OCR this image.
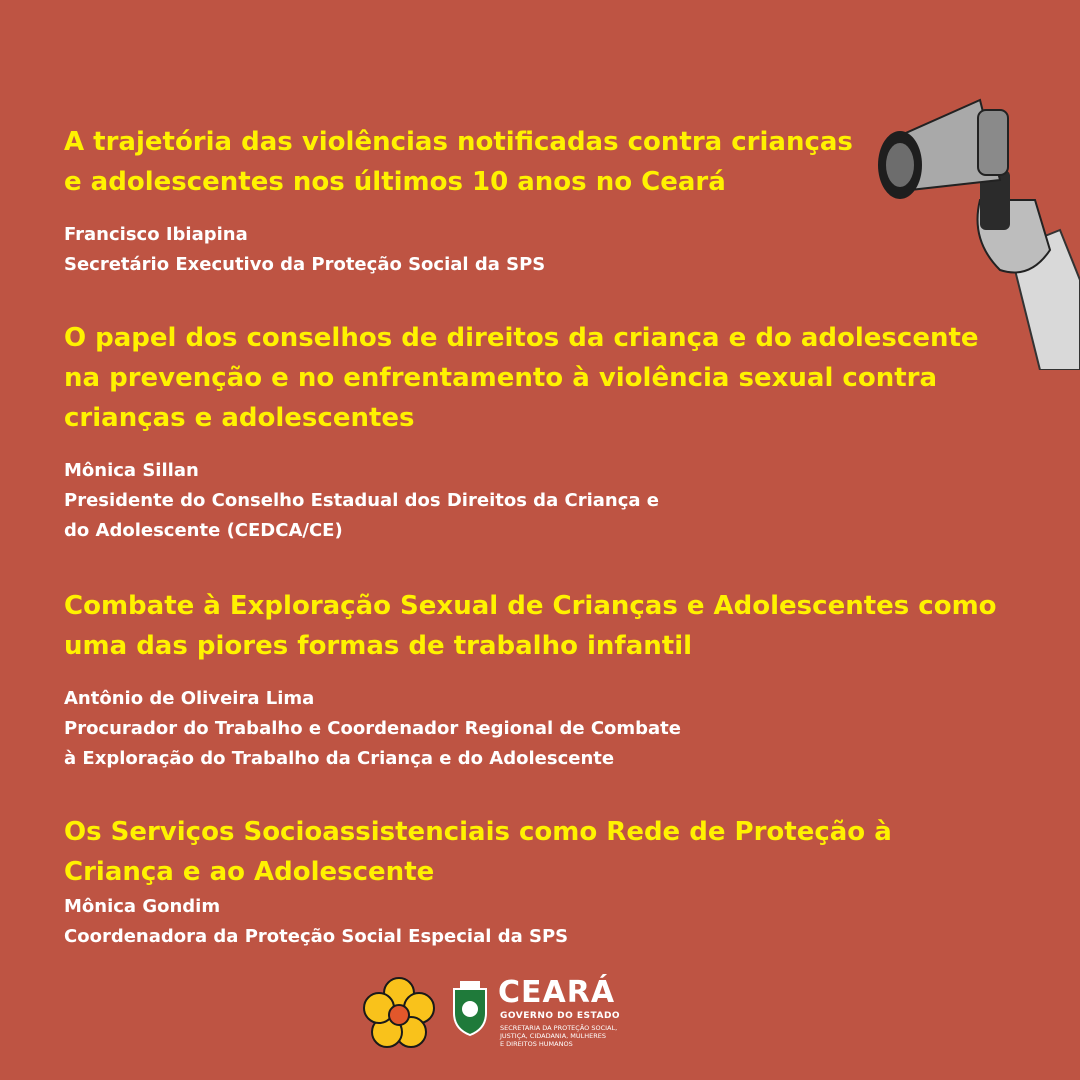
A trajetória das violências notificadas contra crianças
e adolescentes nos últimos 10 anos no Ceará

Francisco Ibiapina

Secretário Executivo da Proteção Social da SPS

O papel dos conselhos de direitos da criança e do adolescente
na prevenção e no enfrentamento à violência sexual contra
crianças e adolescentes

Mônica Sillan

Presidente do Conselho Estadual dos Direitos da Criança e
do Adolescente (CEDCA/CE)

Combate à Exploração Sexual de Crianças e Adolescentes como
uma das piores formas de trabalho infantil

Antônio de Oliveira Lima

Procurador do Trabalho e Coordenador Regional de Combate
à Exploração do Trabalho da Criança e do Adolescente

Os Serviços Socioassistenciais como Rede de Proteção à
Criança e ao Adolescente

Mônica Gondim

Coordenadora da Proteção Social Especial da SPS

CEARÁ
GOVERNO DO ESTADO
SECRETARIA DA PROTEÇÃO SOCIAL,
JUSTIÇA, CIDADANIA, MULHERES
E DIREITOS HUMANOS
